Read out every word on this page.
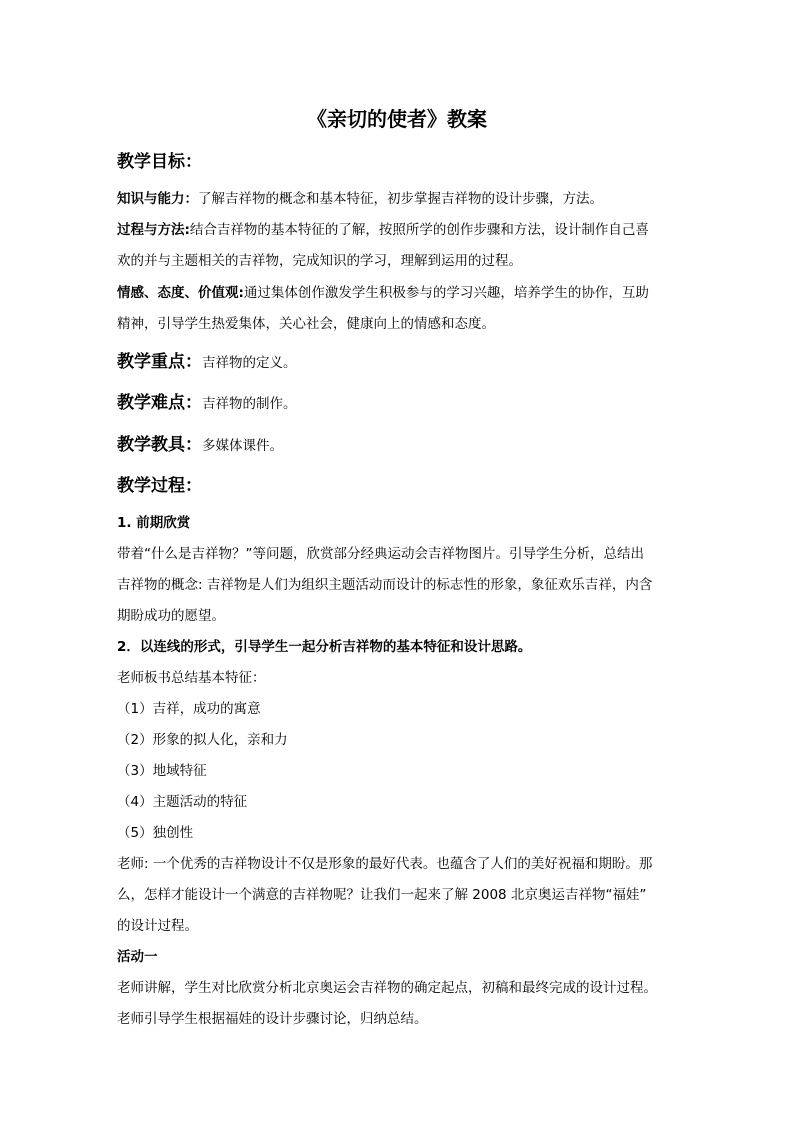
《亲切的使者》教案
教学目标：
知识与能力：了解吉祥物的概念和基本特征，初步掌握吉祥物的设计步骤，方法。
过程与方法:结合吉祥物的基本特征的了解，按照所学的创作步骤和方法，设计制作自己喜
欢的并与主题相关的吉祥物，完成知识的学习，理解到运用的过程。
情感、态度、价值观:通过集体创作激发学生积极参与的学习兴趣，培养学生的协作，互助
精神，引导学生热爱集体，关心社会，健康向上的情感和态度。
教学重点：吉祥物的定义。
教学难点：吉祥物的制作。
教学教具：多媒体课件。
教学过程：
1. 前期欣赏
带着“什么是吉祥物？”等问题，欣赏部分经典运动会吉祥物图片。引导学生分析，总结出
吉祥物的概念: 吉祥物是人们为组织主题活动而设计的标志性的形象，象征欢乐吉祥，内含
期盼成功的愿望。
2．以连线的形式，引导学生一起分析吉祥物的基本特征和设计思路。
老师板书总结基本特征：
（1）吉祥，成功的寓意
（2）形象的拟人化，亲和力
（3）地域特征
（4）主题活动的特征
（5）独创性
老师: 一个优秀的吉祥物设计不仅是形象的最好代表。也蕴含了人们的美好祝福和期盼。那
么，怎样才能设计一个满意的吉祥物呢？让我们一起来了解 2008 北京奥运吉祥物“福娃”
的设计过程。
活动一
老师讲解，学生对比欣赏分析北京奥运会吉祥物的确定起点，初稿和最终完成的设计过程。
老师引导学生根据福娃的设计步骤讨论，归纳总结。
